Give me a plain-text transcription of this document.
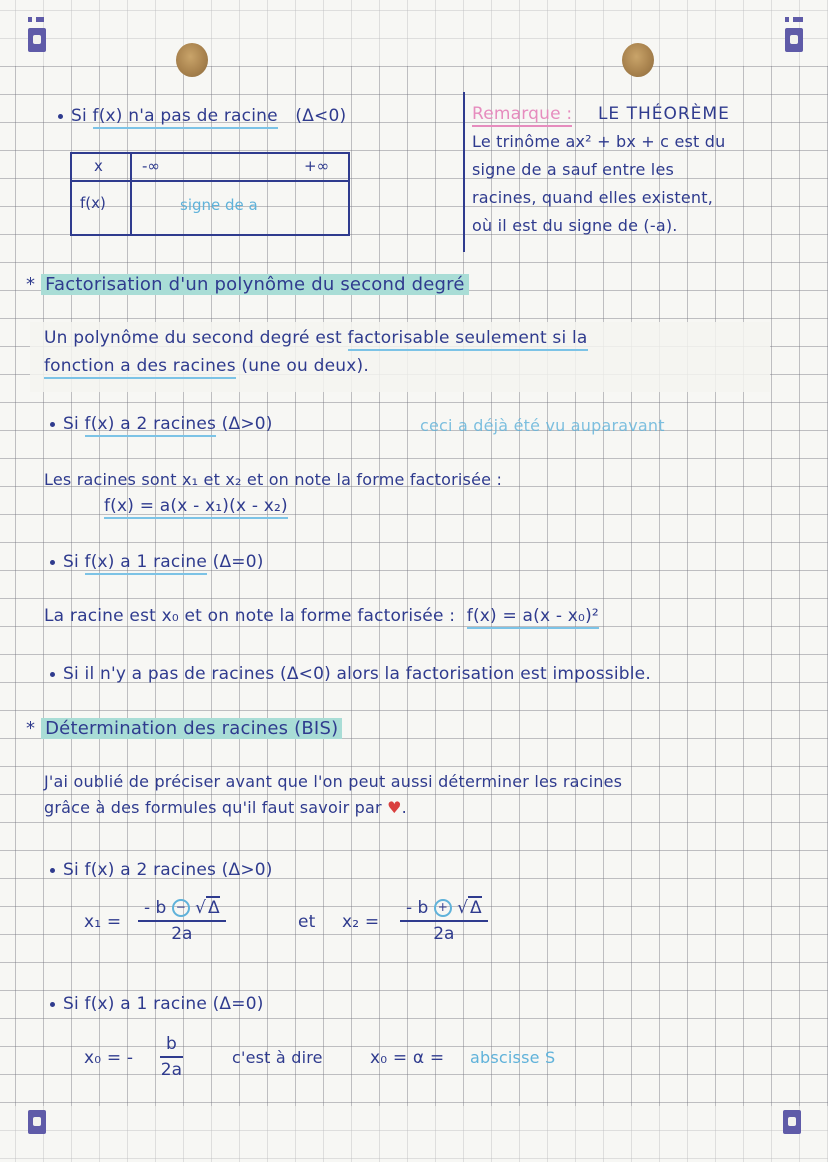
Si f(x) n'a pas de racine (Δ<0)
x	-∞	+∞
f(x)	signe de a
Remarque : LE THÉORÈME
Le trinôme ax² + bx + c est du
signe de a sauf entre les
racines, quand elles existent,
où il est du signe de (-a).
* Factorisation d'un polynôme du second degré
Un polynôme du second degré est factorisable seulement si la
fonction a des racines (une ou deux).
Si f(x) a 2 racines (Δ>0)	ceci a déjà été vu auparavant
Les racines sont x₁ et x₂ et on note la forme factorisée :
f(x) = a(x - x₁)(x - x₂)
Si f(x) a 1 racine (Δ=0)
La racine est x₀ et on note la forme factorisée : f(x) = a(x - x₀)²
Si il n'y a pas de racines (Δ<0) alors la factorisation est impossible.
* Détermination des racines (BIS)
J'ai oublié de préciser avant que l'on peut aussi déterminer les racines
grâce à des formules qu'il faut savoir par ♥.
Si f(x) a 2 racines (Δ>0)
$x_1 = \frac{- b - √ \Delta}{2a}$	et $x_2 = \frac{- b + √ \Delta}{2a}$
Si f(x) a 1 racine (Δ=0)
x₀ = - $\frac{b}{2a}$	c'est à dire	x₀ = α = abscisse S
